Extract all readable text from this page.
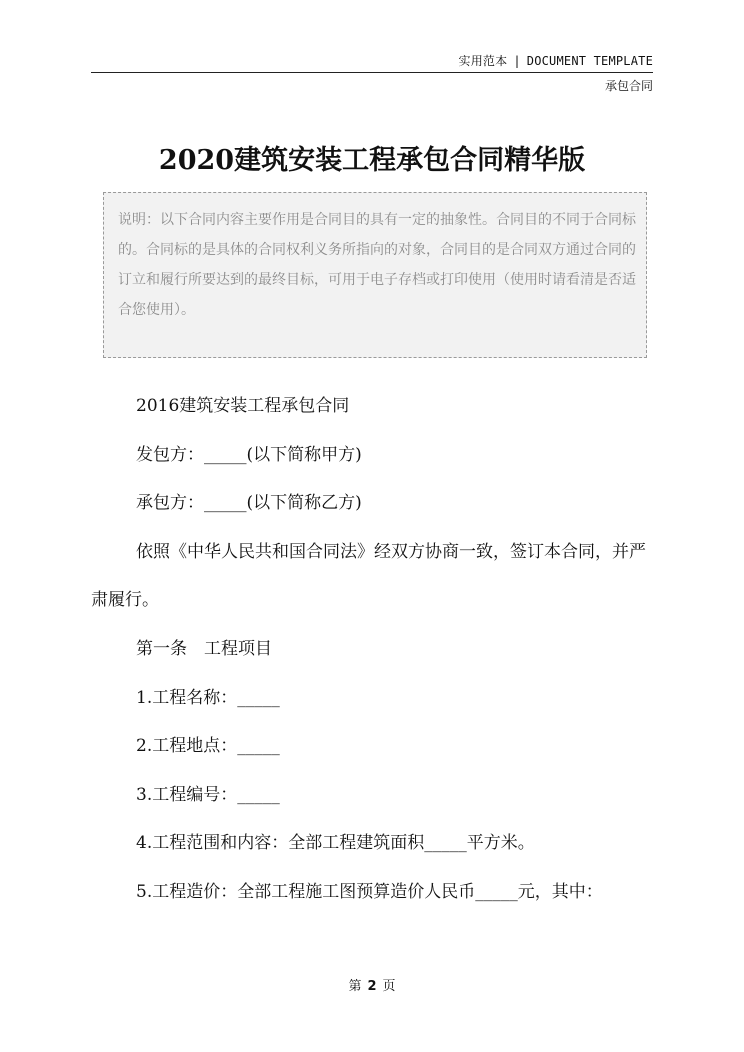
实用范本 | DOCUMENT TEMPLATE
承包合同
2020建筑安装工程承包合同精华版
说明：以下合同内容主要作用是合同目的具有一定的抽象性。合同目的不同于合同标的。合同标的是具体的合同权利义务所指向的对象，合同目的是合同双方通过合同的订立和履行所要达到的最终目标，可用于电子存档或打印使用（使用时请看清是否适合您使用）。

2016建筑安装工程承包合同

发包方：_____(以下简称甲方)

承包方：_____(以下简称乙方)

依照《中华人民共和国合同法》经双方协商一致，签订本合同，并严肃履行。

第一条　工程项目

1.工程名称：_____

2.工程地点：_____

3.工程编号：_____

4.工程范围和内容：全部工程建筑面积_____平方米。

5.工程造价：全部工程施工图预算造价人民币_____元，其中：

第 2 页
